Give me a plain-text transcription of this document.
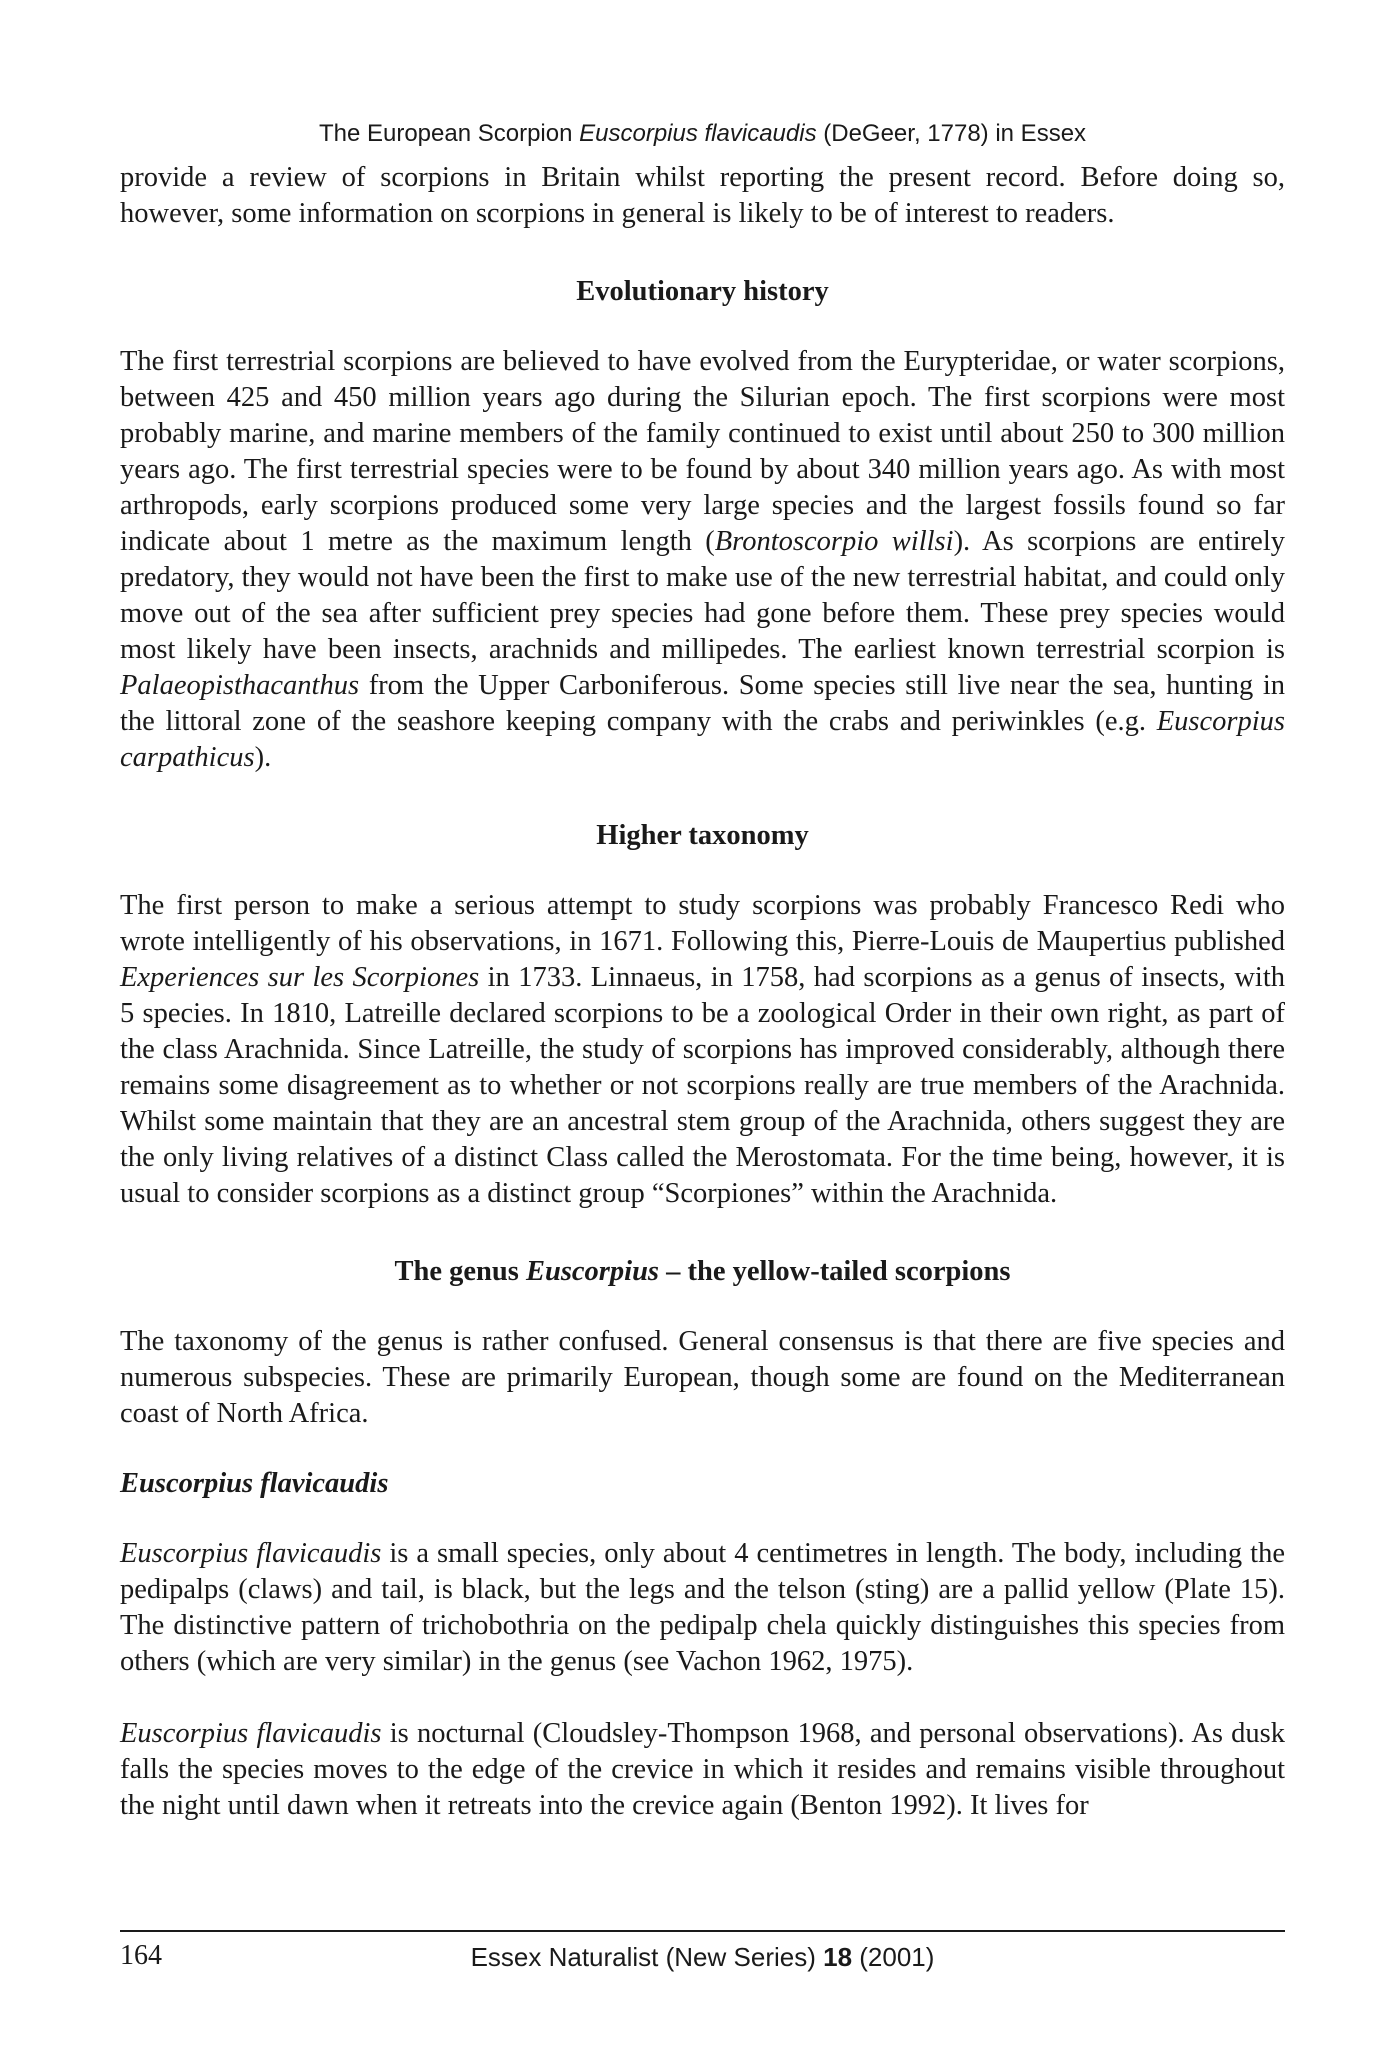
The European Scorpion Euscorpius flavicaudis (DeGeer, 1778) in Essex

provide a review of scorpions in Britain whilst reporting the present record. Before doing so, however, some information on scorpions in general is likely to be of interest to readers.

Evolutionary history

The first terrestrial scorpions are believed to have evolved from the Eurypteridae, or water scorpions, between 425 and 450 million years ago during the Silurian epoch. The first scorpions were most probably marine, and marine members of the family continued to exist until about 250 to 300 million years ago. The first terrestrial species were to be found by about 340 million years ago. As with most arthropods, early scorpions produced some very large species and the largest fossils found so far indicate about 1 metre as the maximum length (Brontoscorpio willsi). As scorpions are entirely predatory, they would not have been the first to make use of the new terrestrial habitat, and could only move out of the sea after sufficient prey species had gone before them. These prey species would most likely have been insects, arachnids and millipedes. The earliest known terrestrial scorpion is Palaeopisthacanthus from the Upper Carboniferous. Some species still live near the sea, hunting in the littoral zone of the seashore keeping company with the crabs and periwinkles (e.g. Euscorpius carpathicus).

Higher taxonomy

The first person to make a serious attempt to study scorpions was probably Francesco Redi who wrote intelligently of his observations, in 1671. Following this, Pierre-Louis de Maupertius published Experiences sur les Scorpiones in 1733. Linnaeus, in 1758, had scorpions as a genus of insects, with 5 species. In 1810, Latreille declared scorpions to be a zoological Order in their own right, as part of the class Arachnida. Since Latreille, the study of scorpions has improved considerably, although there remains some disagreement as to whether or not scorpions really are true members of the Arachnida. Whilst some maintain that they are an ancestral stem group of the Arachnida, others suggest they are the only living relatives of a distinct Class called the Merostomata. For the time being, however, it is usual to consider scorpions as a distinct group “Scorpiones” within the Arachnida.

The genus Euscorpius – the yellow-tailed scorpions

The taxonomy of the genus is rather confused. General consensus is that there are five species and numerous subspecies. These are primarily European, though some are found on the Mediterranean coast of North Africa.

Euscorpius flavicaudis

Euscorpius flavicaudis is a small species, only about 4 centimetres in length. The body, including the pedipalps (claws) and tail, is black, but the legs and the telson (sting) are a pallid yellow (Plate 15). The distinctive pattern of trichobothria on the pedipalp chela quickly distinguishes this species from others (which are very similar) in the genus (see Vachon 1962, 1975).

Euscorpius flavicaudis is nocturnal (Cloudsley-Thompson 1968, and personal observations). As dusk falls the species moves to the edge of the crevice in which it resides and remains visible throughout the night until dawn when it retreats into the crevice again (Benton 1992). It lives for

164	Essex Naturalist (New Series) 18 (2001)
